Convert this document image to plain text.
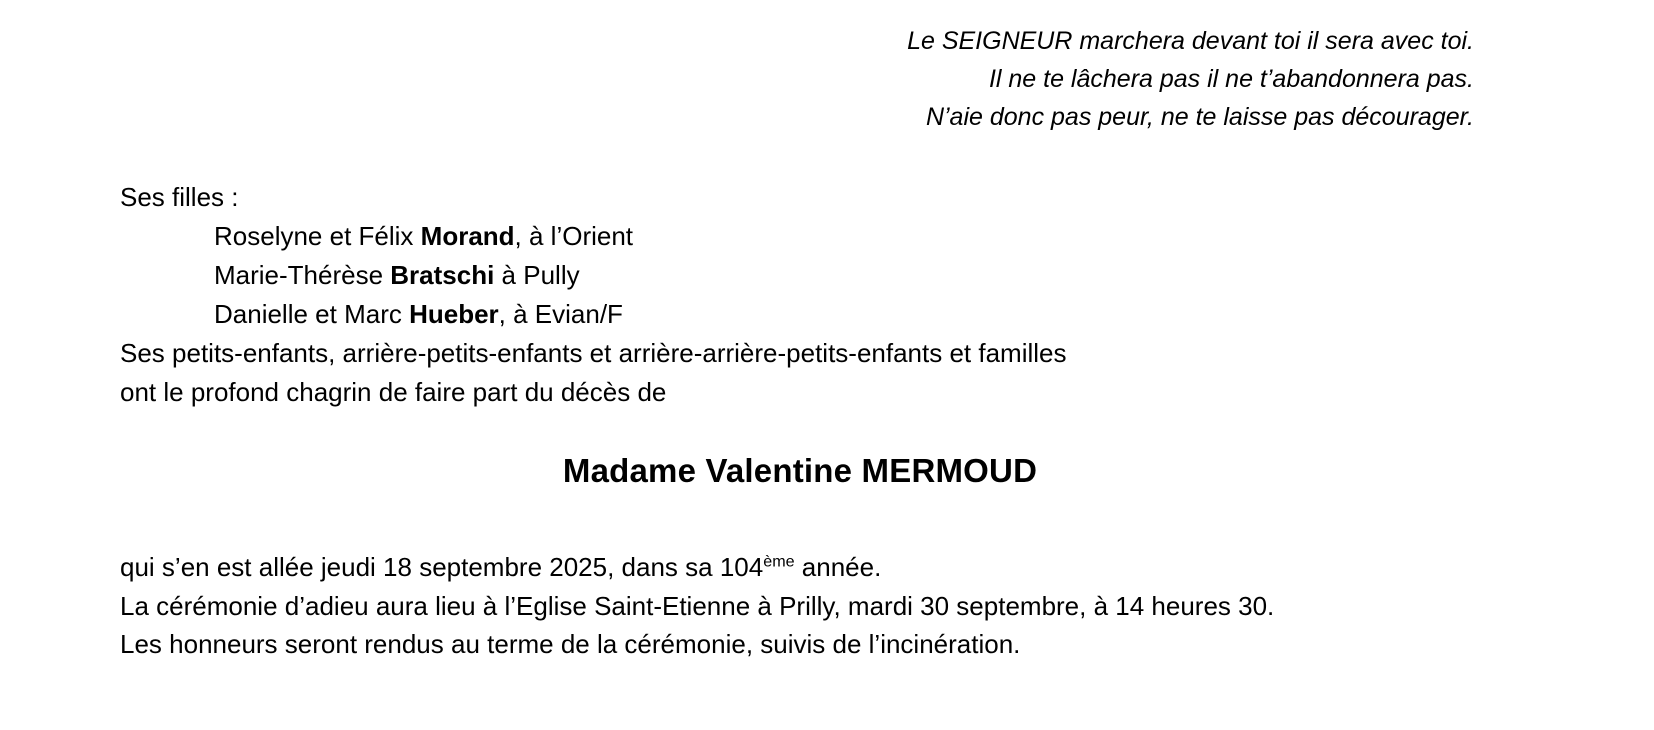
Le SEIGNEUR marchera devant toi il sera avec toi.
Il ne te lâchera pas il ne t’abandonnera pas.
N’aie donc pas peur, ne te laisse pas décourager.
Ses filles :
Roselyne et Félix Morand, à l’Orient
Marie-Thérèse Bratschi à Pully
Danielle et Marc Hueber, à Evian/F
Ses petits-enfants, arrière-petits-enfants et arrière-arrière-petits-enfants et familles
ont le profond chagrin de faire part du décès de
Madame Valentine MERMOUD
qui s’en est allée jeudi 18 septembre 2025, dans sa 104ème année.
La cérémonie d’adieu aura lieu à l’Eglise Saint-Etienne à Prilly, mardi 30 septembre, à 14 heures 30.
Les honneurs seront rendus au terme de la cérémonie, suivis de l’incinération.
